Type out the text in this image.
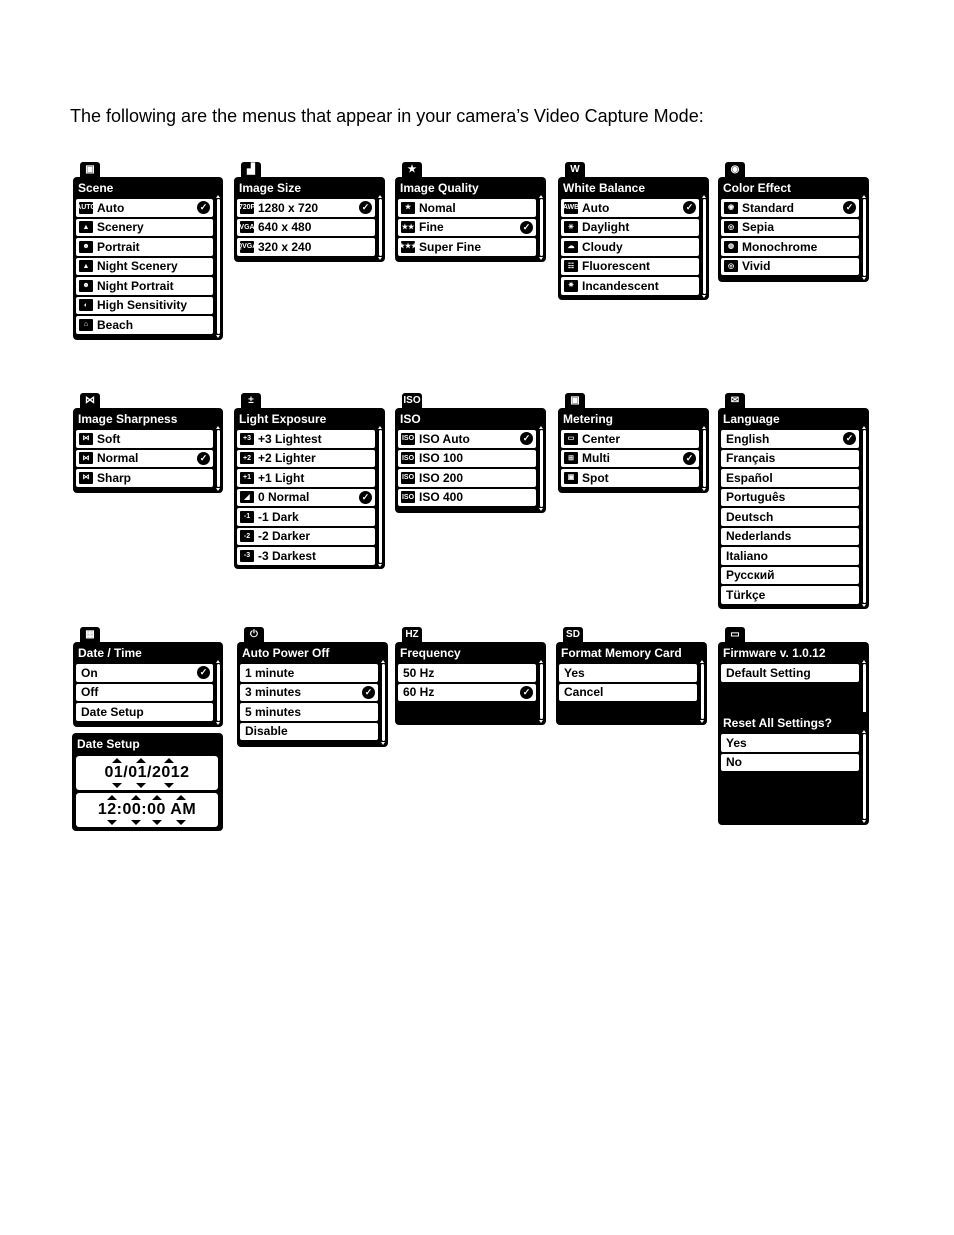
The following are the menus that appear in your camera’s Video Capture Mode:
▣
Scene
AUTO Auto	✓
▲ Scenery
☻ Portrait
▲ Night Scenery
☻ Night Portrait
◐ High Sensitivity
⌂ Beach
▟
Image Size
720P 1280 x 720	✓
VGA 640 x 480
QVGA 320 x 240
★
Image Quality
★ Nomal
★★ Fine	✓
★★★ Super Fine
W
White Balance
AWB Auto	✓
☀ Daylight
☁ Cloudy
☷ Fluorescent
✷ Incandescent
◉
Color Effect
◉ Standard	✓
◎ Sepia
◍ Monochrome
◎ Vivid
⋈
Image Sharpness
⋈ Soft
⋈ Normal	✓
⋈ Sharp
±
Light Exposure
+3 +3 Lightest
+2 +2 Lighter
+1 +1 Light
◢ 0 Normal	✓
-1 -1 Dark
-2 -2 Darker
-3 -3 Darkest
ISO
ISO
ISO ISO Auto	✓
ISO ISO 100
ISO ISO 200
ISO ISO 400
▣
Metering
▭ Center
⊞ Multi	✓
▣ Spot
✉
Language
English	✓
Français
Español
Português
Deutsch
Nederlands
Italiano
Русский
Türkçe
▦
Date / Time
On	✓
Off
Date Setup
⏻
Auto Power Off
1 minute
3 minutes	✓
5 minutes
Disable
HZ
Frequency
50 Hz
60 Hz	✓
SD
Format Memory Card
Yes
Cancel
▭
Firmware v. 1.0.12
Default Setting
Reset All Settings?
Yes
No
Date Setup
01/01/2012
12:00:00 AM
